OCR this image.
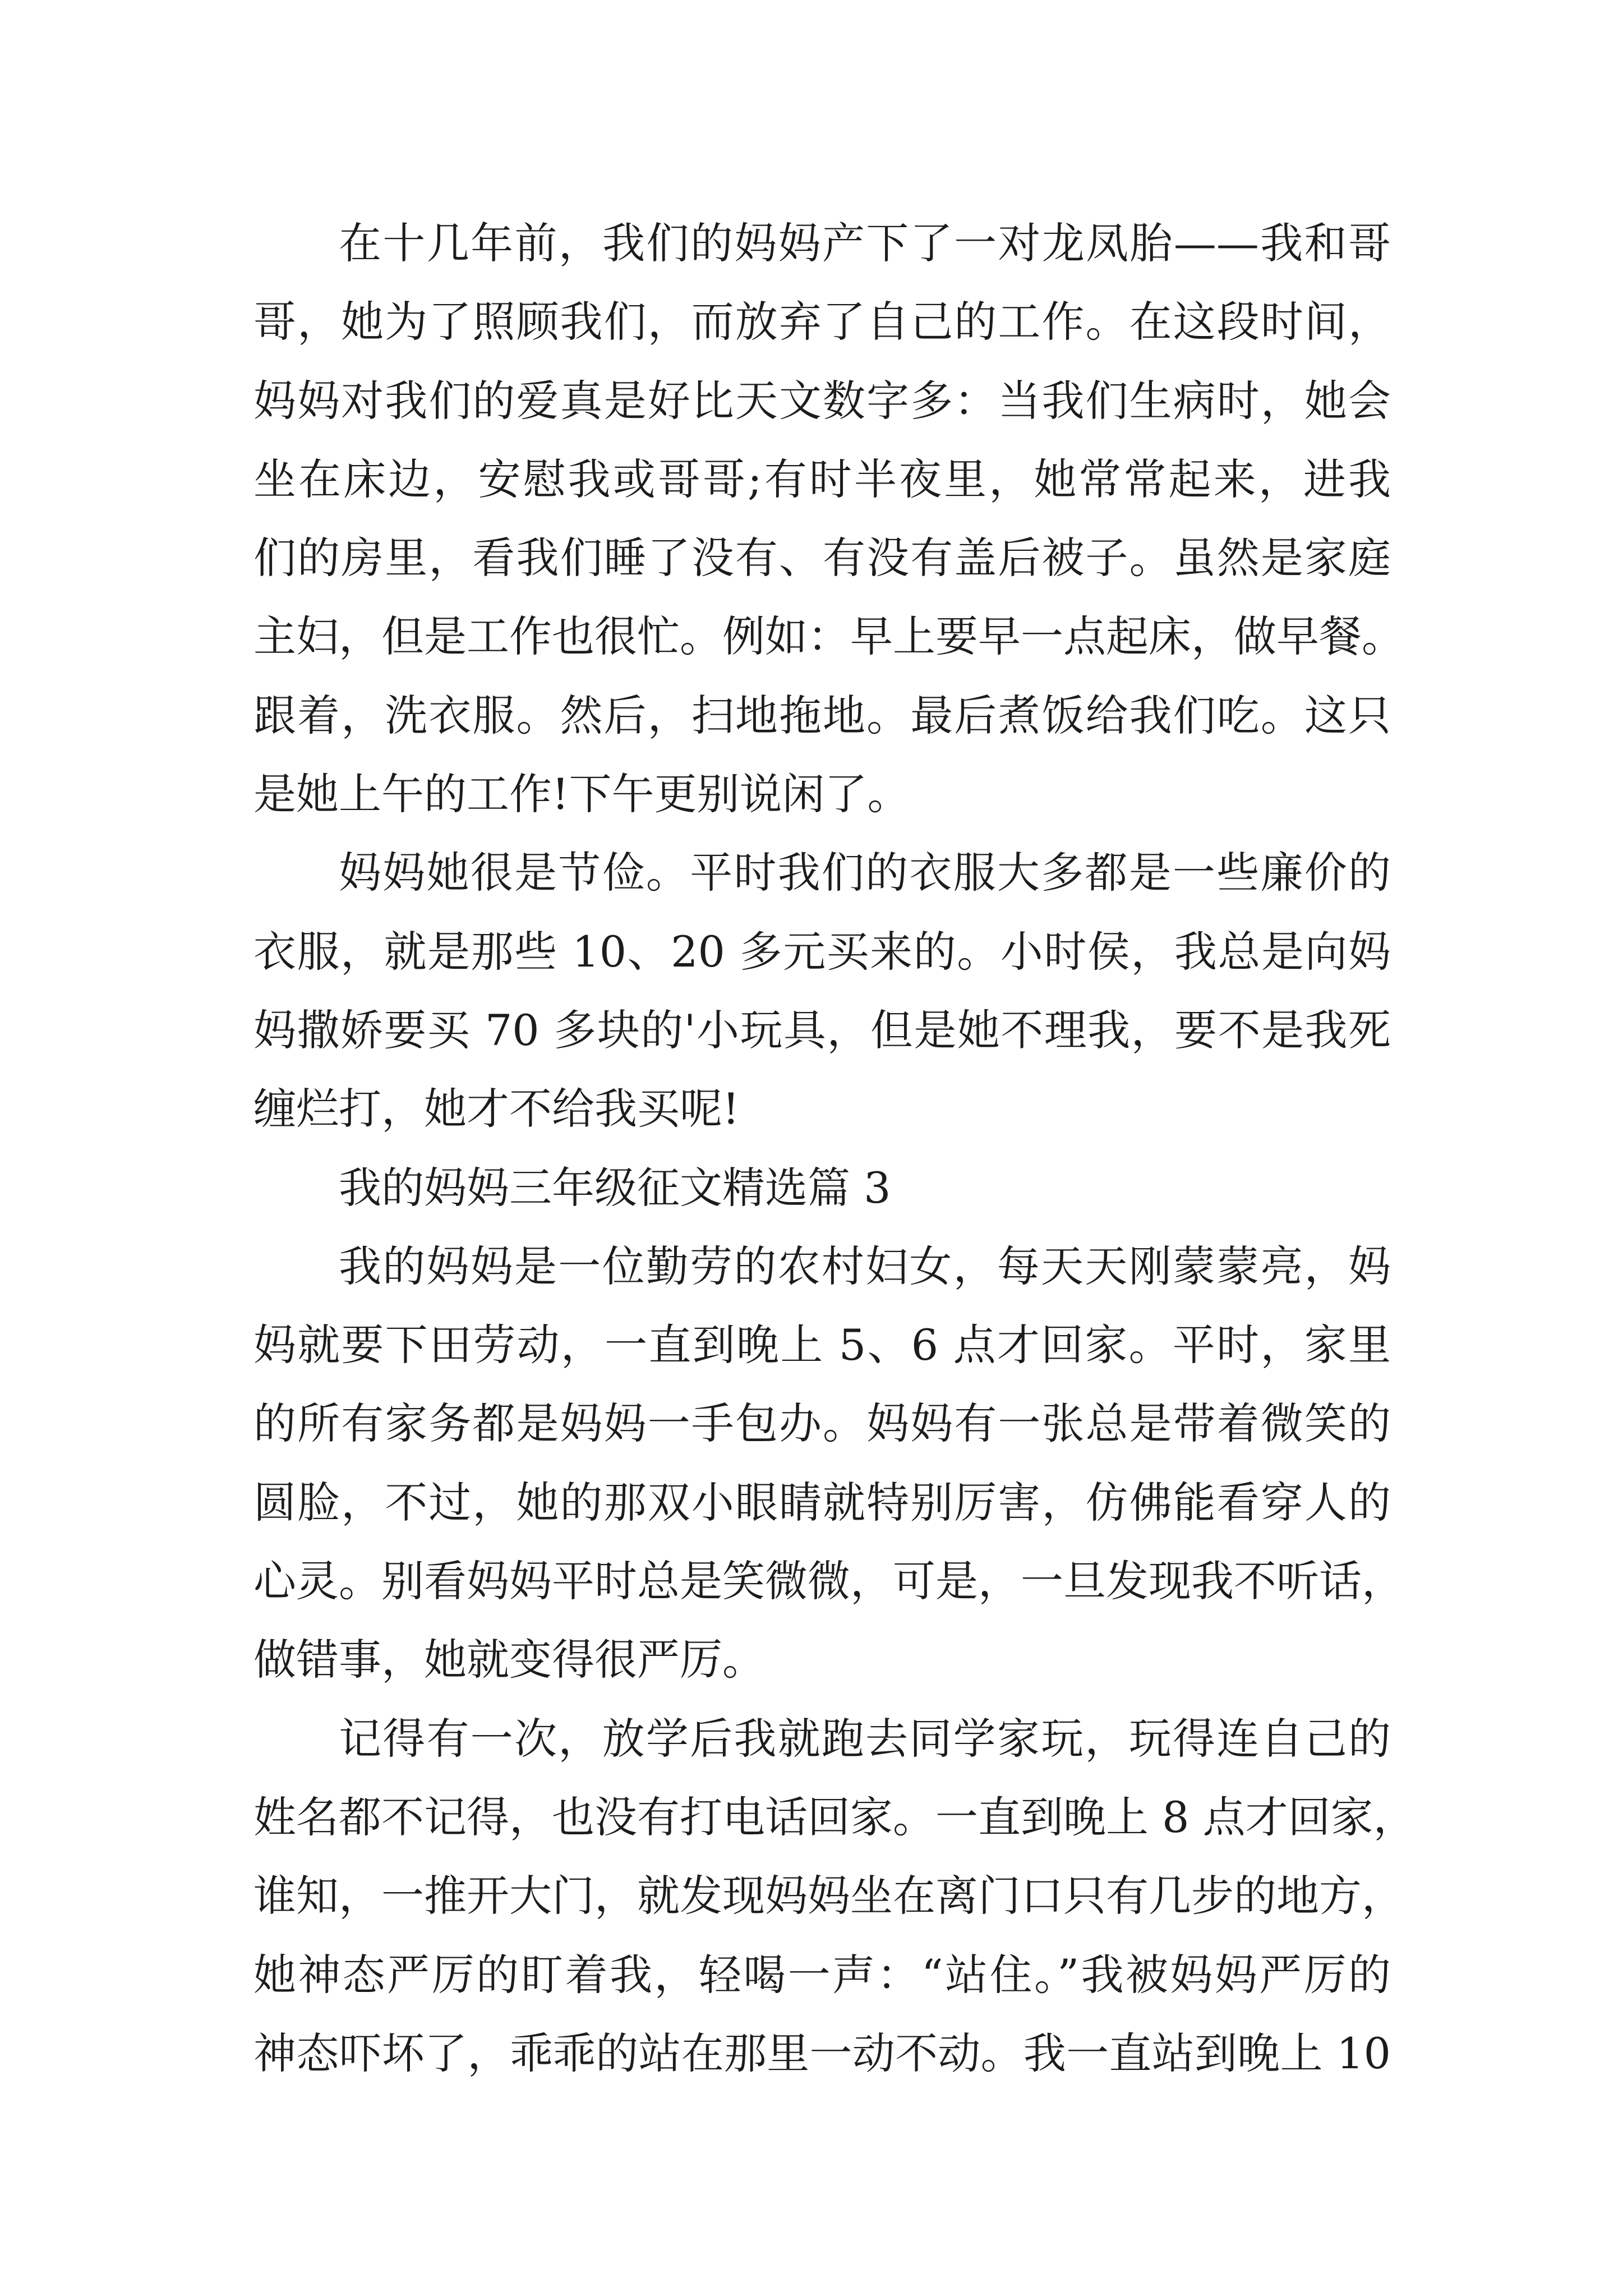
在十几年前，我们的妈妈产下了一对龙凤胎——我和哥
哥，她为了照顾我们，而放弃了自己的工作。在这段时间，
妈妈对我们的爱真是好比天文数字多：当我们生病时，她会
坐在床边，安慰我或哥哥;有时半夜里，她常常起来，进我
们的房里，看我们睡了没有、有没有盖后被子。虽然是家庭
主妇，但是工作也很忙。例如：早上要早一点起床，做早餐。
跟着，洗衣服。然后，扫地拖地。最后煮饭给我们吃。这只
是她上午的工作!下午更别说闲了。
妈妈她很是节俭。平时我们的衣服大多都是一些廉价的
衣服，就是那些 10、20 多元买来的。小时侯，我总是向妈
妈撒娇要买 70 多块的'小玩具，但是她不理我，要不是我死
缠烂打，她才不给我买呢!
我的妈妈三年级征文精选篇 3
我的妈妈是一位勤劳的农村妇女，每天天刚蒙蒙亮，妈
妈就要下田劳动，一直到晚上 5、6 点才回家。平时，家里
的所有家务都是妈妈一手包办。妈妈有一张总是带着微笑的
圆脸，不过，她的那双小眼睛就特别厉害，仿佛能看穿人的
心灵。别看妈妈平时总是笑微微，可是，一旦发现我不听话，
做错事，她就变得很严厉。
记得有一次，放学后我就跑去同学家玩，玩得连自己的
姓名都不记得，也没有打电话回家。一直到晚上 8 点才回家，
谁知，一推开大门，就发现妈妈坐在离门口只有几步的地方，
她神态严厉的盯着我，轻喝一声：“站住。”我被妈妈严厉的
神态吓坏了，乖乖的站在那里一动不动。我一直站到晚上 10
